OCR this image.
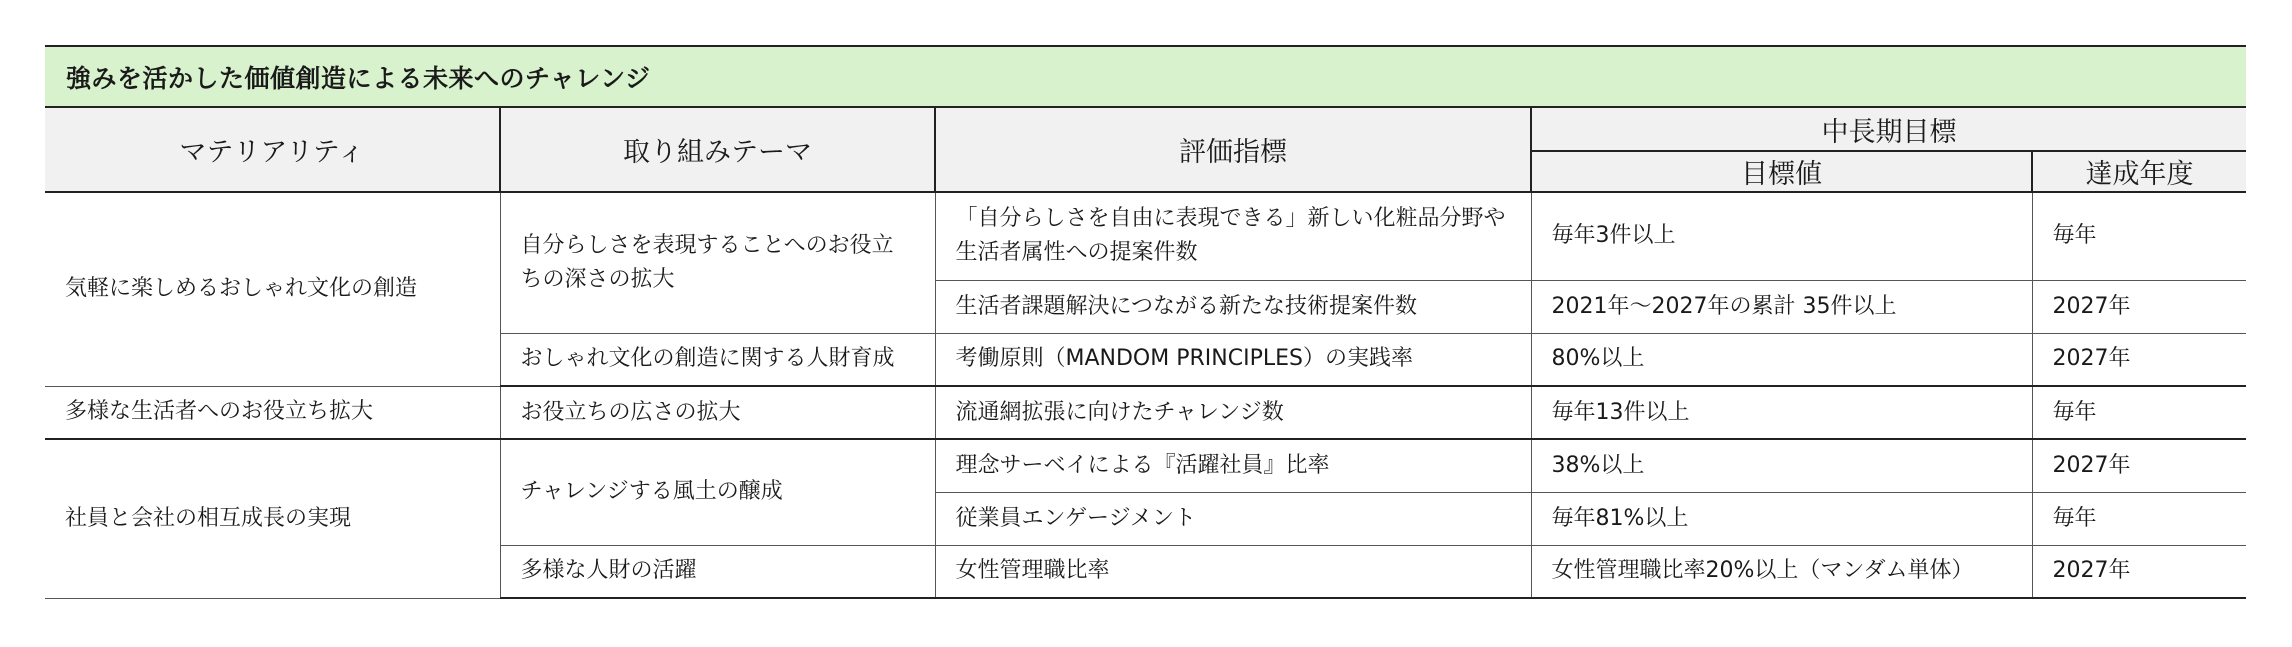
強みを活かした価値創造による未来へのチャレンジ
マテリアリティ	取り組みテーマ	評価指標	中長期目標	
			目標値	達成年度
気軽に楽しめるおしゃれ文化の創造	自分らしさを表現することへのお役立ちの深さの拡大	「自分らしさを自由に表現できる」新しい化粧品分野や生活者属性への提案件数	毎年3件以上	毎年
		生活者課題解決につながる新たな技術提案件数	2021年〜2027年の累計 35件以上	2027年
	おしゃれ文化の創造に関する人財育成	考働原則（MANDOM PRINCIPLES）の実践率	80%以上	2027年
多様な生活者へのお役立ち拡大	お役立ちの広さの拡大	流通網拡張に向けたチャレンジ数	毎年13件以上	毎年
社員と会社の相互成長の実現	チャレンジする風土の醸成	理念サーベイによる『活躍社員』比率	38%以上	2027年
		従業員エンゲージメント	毎年81%以上	毎年
	多様な人財の活躍	女性管理職比率	女性管理職比率20%以上（マンダム単体）	2027年
